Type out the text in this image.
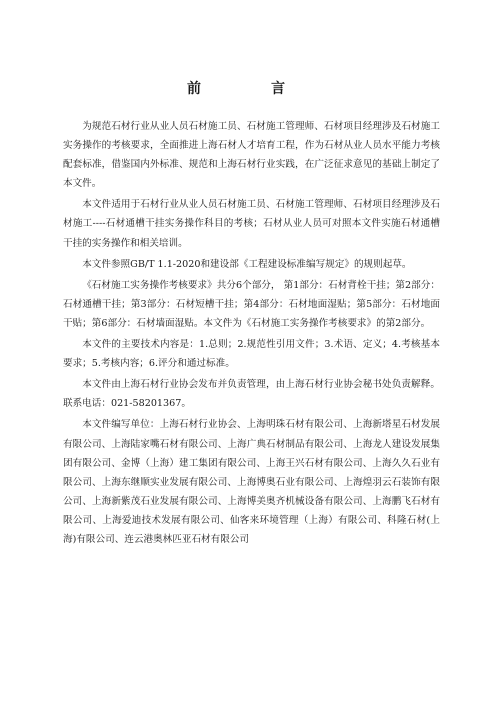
前　言

为规范石材行业从业人员石材施工员、石材施工管理师、石材项目经理涉及石材施工实务操作的考核要求，全面推进上海石材人才培育工程，作为石材从业人员水平能力考核配套标准，借鉴国内外标准、规范和上海石材行业实践，在广泛征求意见的基础上制定了本文件。

本文件适用于石材行业从业人员石材施工员、石材施工管理师、石材项目经理涉及石材施工----石材通槽干挂实务操作科目的考核；石材从业人员可对照本文件实施石材通槽干挂的实务操作和相关培训。

本文件参照GB/T 1.1-2020和建设部《工程建设标准编写规定》的规则起草。

《石材施工实务操作考核要求》共分6个部分， 第1部分：石材背栓干挂；第2部分：石材通槽干挂；第3部分：石材短槽干挂；第4部分：石材地面湿贴；第5部分：石材地面干贴；第6部分：石材墙面湿贴。本文件为《石材施工实务操作考核要求》的第2部分。

本文件的主要技术内容是：1.总则；2.规范性引用文件；3.术语、定义；4.考核基本要求；5.考核内容；6.评分和通过标准。

本文件由上海石材行业协会发布并负责管理，由上海石材行业协会秘书处负责解释。联系电话：021-58201367。

本文件编写单位：上海石材行业协会、上海明珠石材有限公司、上海新塔星石材发展有限公司、上海陆家嘴石材有限公司、上海广典石材制品有限公司、上海龙人建设发展集团有限公司、金博（上海）建工集团有限公司、上海王兴石材有限公司、上海久久石业有限公司、上海东继顺实业发展有限公司、上海博奥石业有限公司、上海煌羽云石装饰有限公司、上海新紫茂石业发展有限公司、上海博美奥齐机械设备有限公司、上海鹏飞石材有限公司、上海爱迪技术发展有限公司、仙客来环境管理（上海）有限公司、科隆石材(上海)有限公司、连云港奥林匹亚石材有限公司
